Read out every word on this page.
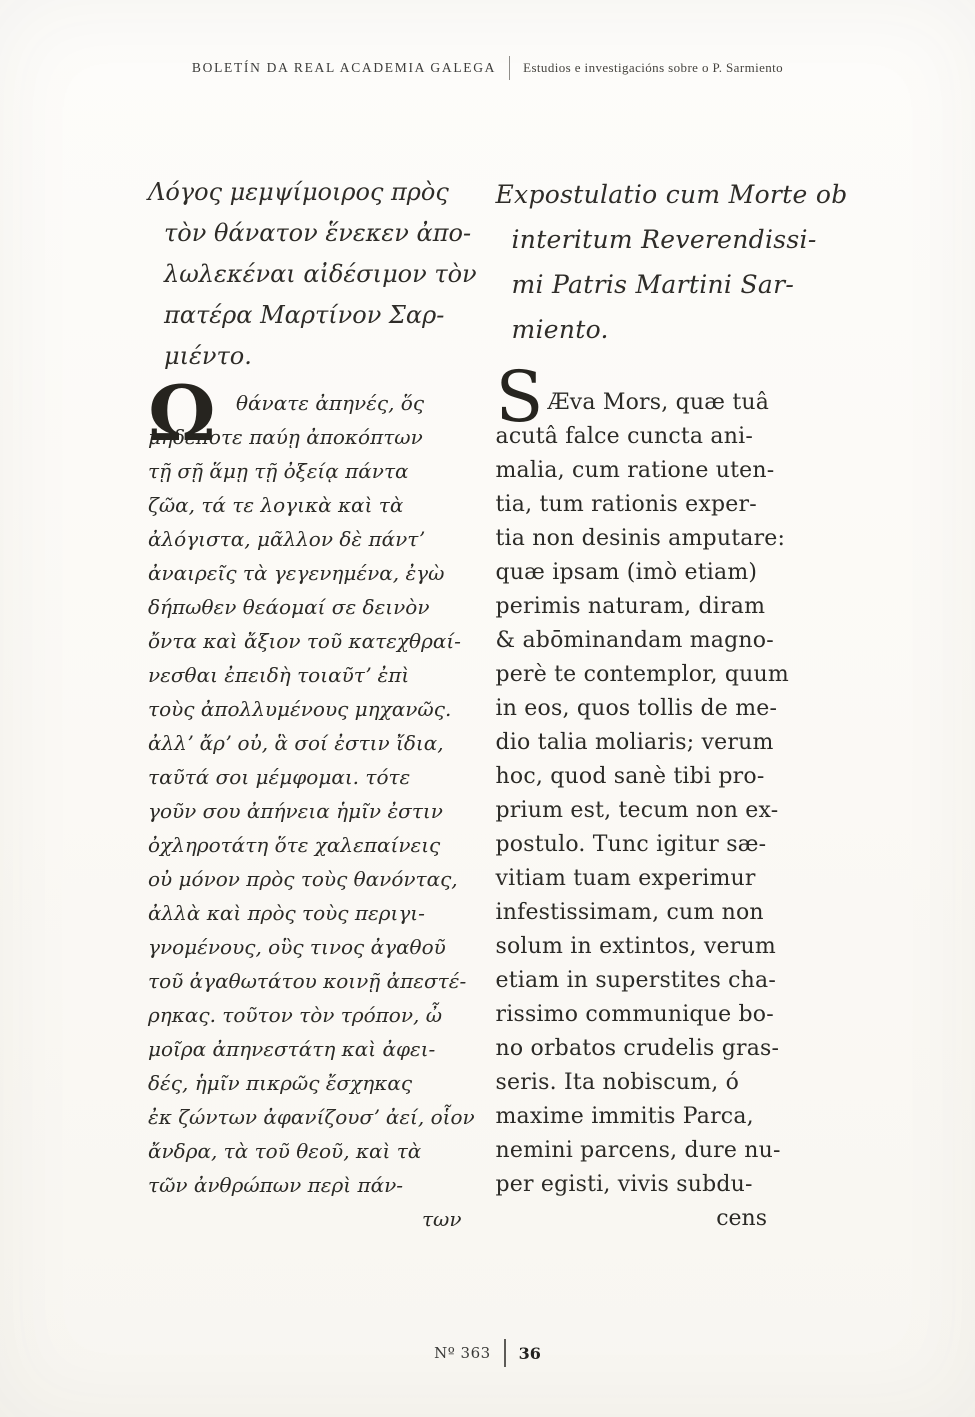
BOLETÍN DA REAL ACADEMIA GALEGA Estudios e investigacións sobre o P. Sarmiento
Λόγος μεμψίμοιρος πρὸς
τὸν θάνατον ἕνεκεν ἀπο-
λωλεκέναι αἰδέσιμον τὸν
πατέρα Μαρτίνον Σαρ-
μιέντο.
Ω	θάνατε ἀπηνές, ὅς
μηδέποτε παύῃ ἀποκόπτων
τῇ σῇ ἅμῃ τῇ ὀξείᾳ πάντα
ζῶα, τά τε λογικὰ καὶ τὰ
ἀλόγιστα, μᾶλλον δὲ πάντʼ
ἀναιρεῖς τὰ γεγενημένα, ἐγὼ
δήπωθεν θεάομαί σε δεινὸν
ὄντα καὶ ἄξιον τοῦ κατεχθραί-
νεσθαι ἐπειδὴ τοιαῦτʼ ἐπὶ
τοὺς ἀπολλυμένους μηχανῶς.
ἀλλʼ ἄρʼ οὐ, ἃ σοί ἐστιν ἴδια,
ταῦτά σοι μέμφομαι. τότε
γοῦν σου ἀπήνεια ἡμῖν ἐστιν
ὀχληροτάτη ὅτε χαλεπαίνεις
οὐ μόνον πρὸς τοὺς θανόντας,
ἀλλὰ καὶ πρὸς τοὺς περιγι-
γνομένους, οὓς τινος ἀγαθοῦ
τοῦ ἀγαθωτάτου κοινῇ ἀπεστέ-
ρηκας. τοῦτον τὸν τρόπον, ὦ
μοῖρα ἀπηνεστάτη καὶ ἀφει-
δές, ἡμῖν πικρῶς ἔσχηκας
ἐκ ζώντων ἀφανίζουσʼ ἀεί, οἷον
ἄνδρα, τὰ τοῦ θεοῦ, καὶ τὰ
τῶν ἀνθρώπων περὶ πάν-
των
Expostulatio cum Morte ob
interitum Reverendissi-
mi Patris Martini Sar-
miento.
S Æva Mors, quæ tuâ
acutâ falce cuncta ani-
malia, cum ratione uten-
tia, tum rationis exper-
tia non desinis amputare:
quæ ipsam (imò etiam)
perimis naturam, diram
& abōminandam magno-
perè te contemplor, quum
in eos, quos tollis de me-
dio talia moliaris; verum
hoc, quod sanè tibi pro-
prium est, tecum non ex-
postulo. Tunc igitur sæ-
vitiam tuam experimur
infestissimam, cum non
solum in extintos, verum
etiam in superstites cha-
rissimo communique bo-
no orbatos crudelis gras-
seris. Ita nobiscum, ó
maxime immitis Parca,
nemini parcens, dure nu-
per egisti, vivis subdu-
cens
Nº 363 36
